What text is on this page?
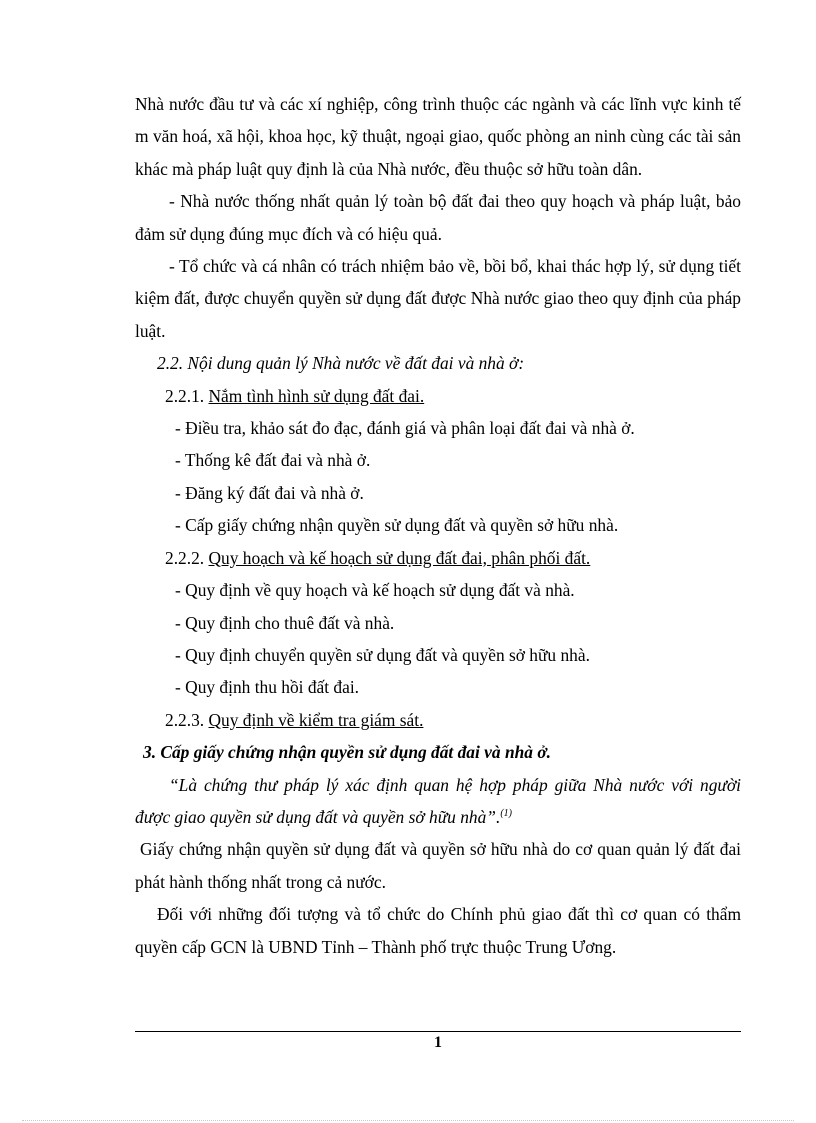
Nhà nước đầu tư và các xí nghiệp, công trình thuộc các ngành và các lĩnh vực kinh tế m văn hoá, xã hội, khoa học, kỹ thuật, ngoại giao, quốc phòng an ninh cùng các tài sản khác mà pháp luật quy định là của Nhà nước, đều thuộc sở hữu toàn dân.

- Nhà nước thống nhất quản lý toàn bộ đất đai theo quy hoạch và pháp luật, bảo đảm sử dụng đúng mục đích và có hiệu quả.

- Tổ chức và cá nhân có trách nhiệm bảo về, bồi bổ, khai thác hợp lý, sử dụng tiết kiệm đất, được chuyển quyền sử dụng đất được Nhà nước giao theo quy định của pháp luật.

2.2. Nội dung quản lý Nhà nước về đất đai và nhà ở:

2.2.1. Nắm tình hình sử dụng đất đai.

- Điều tra, khảo sát đo đạc, đánh giá và phân loại đất đai và nhà ở.

- Thống kê đất đai và nhà ở.

- Đăng ký đất đai và nhà ở.

- Cấp giấy chứng nhận quyền sử dụng đất và quyền sở hữu nhà.

2.2.2. Quy hoạch và kế hoạch sử dụng đất đai, phân phối đất.

- Quy định về quy hoạch và kế hoạch sử dụng đất và nhà.

- Quy định cho thuê đất và nhà.

- Quy định chuyển quyền sử dụng đất và quyền sở hữu nhà.

- Quy định thu hồi đất đai.

2.2.3. Quy định về kiểm tra giám sát.

3. Cấp giấy chứng nhận quyền sử dụng đất đai và nhà ở.

“Là chứng thư pháp lý xác định quan hệ hợp pháp giữa Nhà nước với người được giao quyền sử dụng đất và quyền sở hữu nhà”.$^{(1)}$

Giấy chứng nhận quyền sử dụng đất và quyền sở hữu nhà do cơ quan quản lý đất đai phát hành thống nhất trong cả nước.

Đối với những đối tượng và tổ chức do Chính phủ giao đất thì cơ quan có thẩm quyền cấp GCN là UBND Tỉnh – Thành phố trực thuộc Trung Ương.

1
